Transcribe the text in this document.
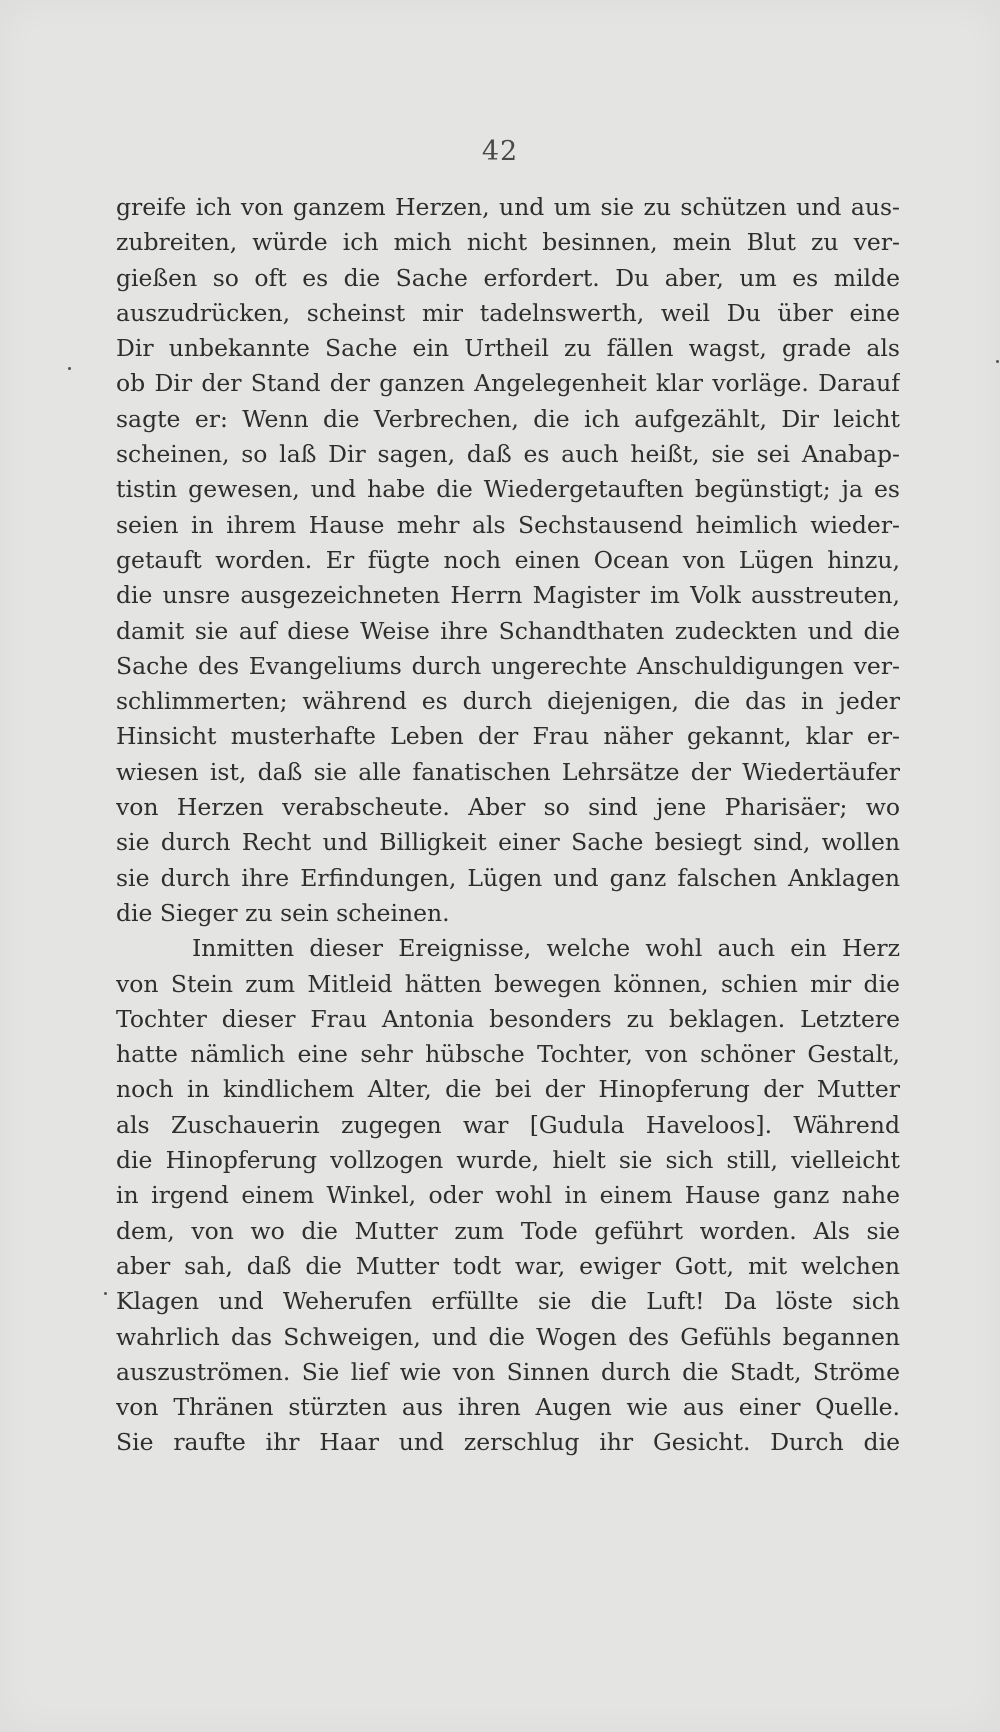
42
greife ich von ganzem Herzen, und um sie zu schützen und aus-
zubreiten, würde ich mich nicht besinnen, mein Blut zu ver-
gießen so oft es die Sache erfordert. Du aber, um es milde
auszudrücken, scheinst mir tadelnswerth, weil Du über eine
Dir unbekannte Sache ein Urtheil zu fällen wagst, grade als
ob Dir der Stand der ganzen Angelegenheit klar vorläge. Darauf
sagte er: Wenn die Verbrechen, die ich aufgezählt, Dir leicht
scheinen, so laß Dir sagen, daß es auch heißt, sie sei Anabap-
tistin gewesen, und habe die Wiedergetauften begünstigt; ja es
seien in ihrem Hause mehr als Sechstausend heimlich wieder-
getauft worden. Er fügte noch einen Ocean von Lügen hinzu,
die unsre ausgezeichneten Herrn Magister im Volk ausstreuten,
damit sie auf diese Weise ihre Schandthaten zudeckten und die
Sache des Evangeliums durch ungerechte Anschuldigungen ver-
schlimmerten; während es durch diejenigen, die das in jeder
Hinsicht musterhafte Leben der Frau näher gekannt, klar er-
wiesen ist, daß sie alle fanatischen Lehrsätze der Wiedertäufer
von Herzen verabscheute. Aber so sind jene Pharisäer; wo
sie durch Recht und Billigkeit einer Sache besiegt sind, wollen
sie durch ihre Erfindungen, Lügen und ganz falschen Anklagen
die Sieger zu sein scheinen.
Inmitten dieser Ereignisse, welche wohl auch ein Herz
von Stein zum Mitleid hätten bewegen können, schien mir die
Tochter dieser Frau Antonia besonders zu beklagen. Letztere
hatte nämlich eine sehr hübsche Tochter, von schöner Gestalt,
noch in kindlichem Alter, die bei der Hinopferung der Mutter
als Zuschauerin zugegen war [Gudula Haveloos]. Während
die Hinopferung vollzogen wurde, hielt sie sich still, vielleicht
in irgend einem Winkel, oder wohl in einem Hause ganz nahe
dem, von wo die Mutter zum Tode geführt worden. Als sie
aber sah, daß die Mutter todt war, ewiger Gott, mit welchen
Klagen und Weherufen erfüllte sie die Luft! Da löste sich
wahrlich das Schweigen, und die Wogen des Gefühls begannen
auszuströmen. Sie lief wie von Sinnen durch die Stadt, Ströme
von Thränen stürzten aus ihren Augen wie aus einer Quelle.
Sie raufte ihr Haar und zerschlug ihr Gesicht. Durch die
